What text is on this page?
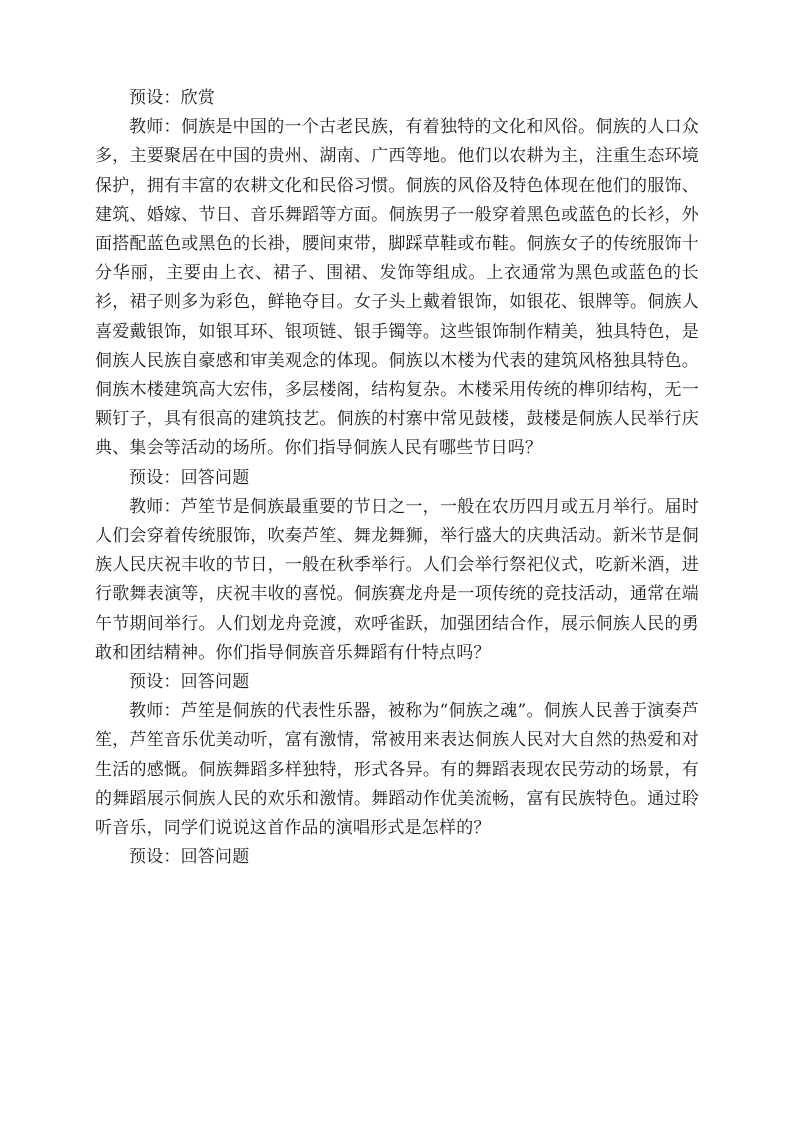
预设：欣赏

教师：侗族是中国的一个古老民族，有着独特的文化和风俗。侗族的人口众多，主要聚居在中国的贵州、湖南、广西等地。他们以农耕为主，注重生态环境保护，拥有丰富的农耕文化和民俗习惯。侗族的风俗及特色体现在他们的服饰、建筑、婚嫁、节日、音乐舞蹈等方面。侗族男子一般穿着黑色或蓝色的长衫，外面搭配蓝色或黑色的长褂，腰间束带，脚踩草鞋或布鞋。侗族女子的传统服饰十分华丽，主要由上衣、裙子、围裙、发饰等组成。上衣通常为黑色或蓝色的长衫，裙子则多为彩色，鲜艳夺目。女子头上戴着银饰，如银花、银牌等。侗族人喜爱戴银饰，如银耳环、银项链、银手镯等。这些银饰制作精美，独具特色，是侗族人民族自豪感和审美观念的体现。侗族以木楼为代表的建筑风格独具特色。侗族木楼建筑高大宏伟，多层楼阁，结构复杂。木楼采用传统的榫卯结构，无一颗钉子，具有很高的建筑技艺。侗族的村寨中常见鼓楼，鼓楼是侗族人民举行庆典、集会等活动的场所。你们指导侗族人民有哪些节日吗？

预设：回答问题

教师：芦笙节是侗族最重要的节日之一，一般在农历四月或五月举行。届时人们会穿着传统服饰，吹奏芦笙、舞龙舞狮，举行盛大的庆典活动。新米节是侗族人民庆祝丰收的节日，一般在秋季举行。人们会举行祭祀仪式，吃新米酒，进行歌舞表演等，庆祝丰收的喜悦。侗族赛龙舟是一项传统的竞技活动，通常在端午节期间举行。人们划龙舟竞渡，欢呼雀跃，加强团结合作，展示侗族人民的勇敢和团结精神。你们指导侗族音乐舞蹈有什特点吗？

预设：回答问题

教师：芦笙是侗族的代表性乐器，被称为“侗族之魂”。侗族人民善于演奏芦笙，芦笙音乐优美动听，富有激情，常被用来表达侗族人民对大自然的热爱和对生活的感慨。侗族舞蹈多样独特，形式各异。有的舞蹈表现农民劳动的场景，有的舞蹈展示侗族人民的欢乐和激情。舞蹈动作优美流畅，富有民族特色。通过聆听音乐，同学们说说这首作品的演唱形式是怎样的？

预设：回答问题
